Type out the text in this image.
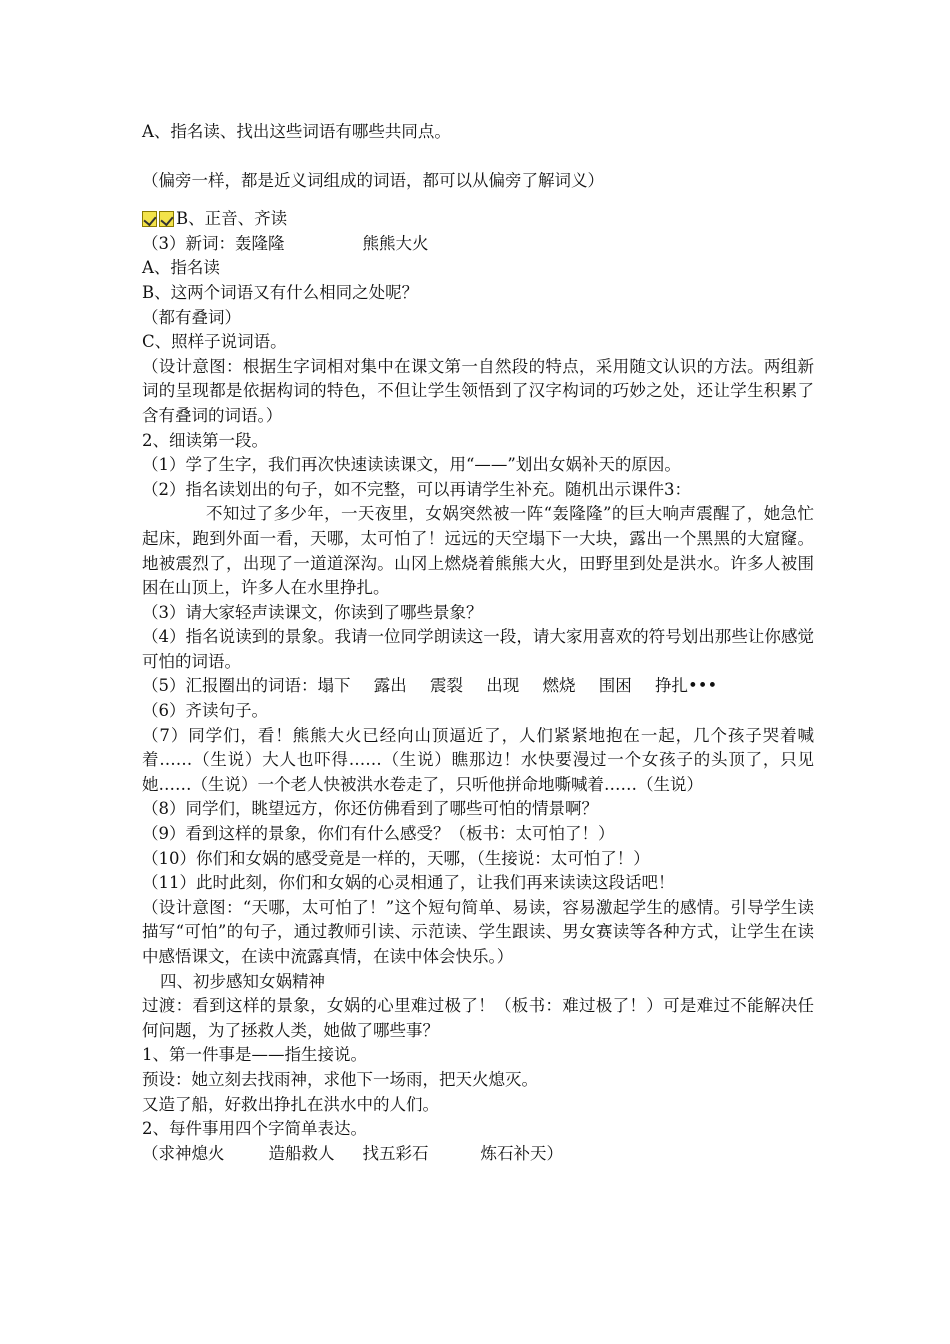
A、指名读、找出这些词语有哪些共同点。
（偏旁一样，都是近义词组成的词语，都可以从偏旁了解词义）
B、正音、齐读
（3）新词：轰隆隆	熊熊大火
A、指名读
B、这两个词语又有什么相同之处呢？
（都有叠词）
C、照样子说词语。
（设计意图：根据生字词相对集中在课文第一自然段的特点，采用随文认识的方法。两组新词的呈现都是依据构词的特色，不但让学生领悟到了汉字构词的巧妙之处，还让学生积累了含有叠词的词语。）
2、细读第一段。
（1）学了生字，我们再次快速读读课文，用“——”划出女娲补天的原因。
（2）指名读划出的句子，如不完整，可以再请学生补充。随机出示课件3：
不知过了多少年，一天夜里，女娲突然被一阵“轰隆隆”的巨大响声震醒了，她急忙起床，跑到外面一看，天哪，太可怕了！远远的天空塌下一大块，露出一个黑黑的大窟窿。地被震烈了，出现了一道道深沟。山冈上燃烧着熊熊大火，田野里到处是洪水。许多人被围困在山顶上，许多人在水里挣扎。
（3）请大家轻声读课文，你读到了哪些景象？
（4）指名说读到的景象。我请一位同学朗读这一段，请大家用喜欢的符号划出那些让你感觉可怕的词语。
（5）汇报圈出的词语：塌下 露出 震裂 出现 燃烧 围困 挣扎•••
（6）齐读句子。
（7）同学们，看！熊熊大火已经向山顶逼近了，人们紧紧地抱在一起，几个孩子哭着喊着……（生说）大人也吓得……（生说）瞧那边！水快要漫过一个女孩子的头顶了，只见她……（生说）一个老人快被洪水卷走了，只听他拼命地嘶喊着……（生说）
（8）同学们，眺望远方，你还仿佛看到了哪些可怕的情景啊？
（9）看到这样的景象，你们有什么感受？（板书：太可怕了！）
（10）你们和女娲的感受竟是一样的，天哪，（生接说：太可怕了！）
（11）此时此刻，你们和女娲的心灵相通了，让我们再来读读这段话吧！
（设计意图：“天哪，太可怕了！”这个短句简单、易读，容易激起学生的感情。引导学生读描写“可怕”的句子，通过教师引读、示范读、学生跟读、男女赛读等各种方式，让学生在读中感悟课文，在读中流露真情，在读中体会快乐。）
四、初步感知女娲精神
过渡：看到这样的景象，女娲的心里难过极了！（板书：难过极了！）可是难过不能解决任何问题，为了拯救人类，她做了哪些事？
1、第一件事是——指生接说。
预设：她立刻去找雨神，求他下一场雨，把天火熄灭。
又造了船，好救出挣扎在洪水中的人们。
2、每件事用四个字简单表达。
（求神熄火	造船救人 找五彩石	炼石补天）
